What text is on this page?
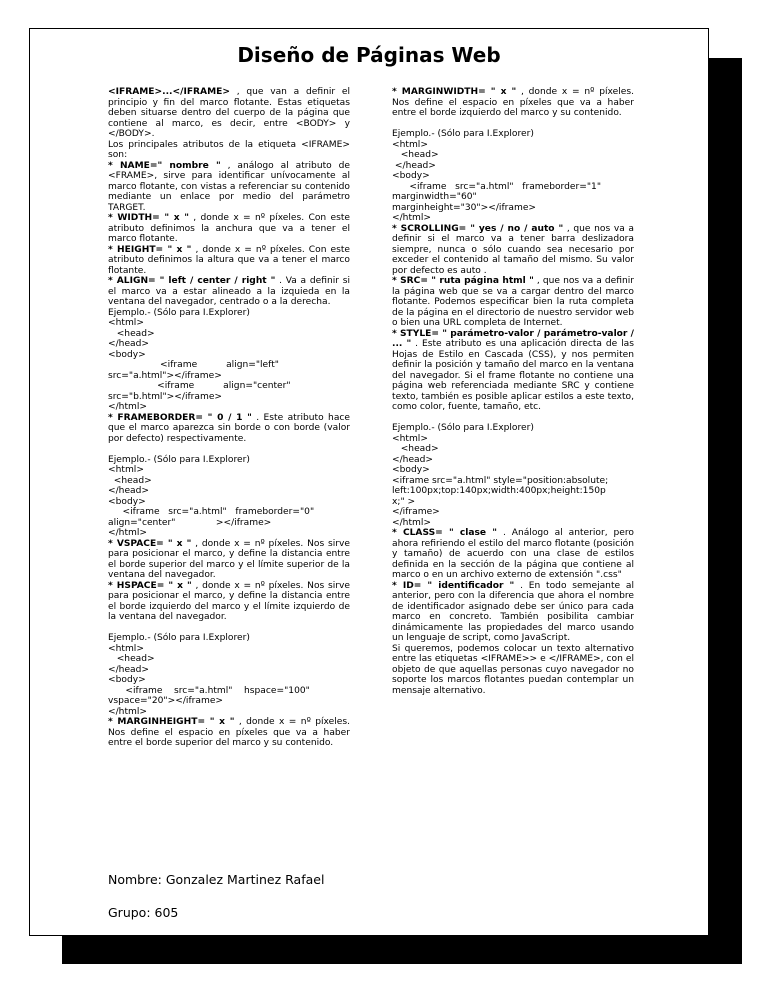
Diseño de Páginas Web

<IFRAME>...</IFRAME> , que van a definir el principio y fin del marco flotante. Estas etiquetas deben situarse dentro del cuerpo de la página que contiene al marco, es decir, entre <BODY> y </BODY>.

Los principales atributos de la etiqueta <IFRAME> son:

* NAME=" nombre " , análogo al atributo de <FRAME>, sirve para identificar unívocamente al marco flotante, con vistas a referenciar su contenido mediante un enlace por medio del parámetro TARGET.

* WIDTH= " x " , donde x = nº píxeles. Con este atributo definimos la anchura que va a tener el marco flotante.

* HEIGHT= " x " , donde x = nº píxeles. Con este atributo definimos la altura que va a tener el marco flotante.

* ALIGN= " left / center / right " . Va a definir si el marco va a estar alineado a la izquieda en la ventana del navegador, centrado o a la derecha.

Ejemplo.- (Sólo para I.Explorer)
<html>
<head>
</head>
<body>
<iframe          align="left"
src="a.html"></iframe>
<iframe          align="center"
src="b.html"></iframe>
</html>

* FRAMEBORDER= " 0 / 1 " . Este atributo hace que el marco aparezca sin borde o con borde (valor por defecto) respectivamente.

Ejemplo.- (Sólo para I.Explorer)
<html>
<head>
</head>
<body>
<iframe   src="a.html"   frameborder="0"
align="center"              ></iframe>
</html>

* VSPACE= " x " , donde x = nº píxeles. Nos sirve para posicionar el marco, y define la distancia entre el borde superior del marco y el límite superior de la ventana del navegador.

* HSPACE= " x " , donde x = nº píxeles. Nos sirve para posicionar el marco, y define la distancia entre el borde izquierdo del marco y el límite izquierdo de la ventana del navegador.

Ejemplo.- (Sólo para I.Explorer)
<html>
<head>
</head>
<body>
<iframe    src="a.html"    hspace="100"
vspace="20"></iframe>
</html>

* MARGINHEIGHT= " x " , donde x = nº píxeles. Nos define el espacio en píxeles que va a haber entre el borde superior del marco y su contenido.

* MARGINWIDTH= " x " , donde x = nº píxeles. Nos define el espacio en píxeles que va a haber entre el borde izquierdo del marco y su contenido.

Ejemplo.- (Sólo para I.Explorer)
<html>
<head>
</head>
<body>
<iframe   src="a.html"   frameborder="1"
marginwidth="60"
marginheight="30"></iframe>
</html>

* SCROLLING= " yes / no / auto " , que nos va a definir si el marco va a tener barra deslizadora siempre, nunca o sólo cuando sea necesario por exceder el contenido al tamaño del mismo. Su valor por defecto es auto .

* SRC= " ruta página html " , que nos va a definir la página web que se va a cargar dentro del marco flotante. Podemos especificar bien la ruta completa de la página en el directorio de nuestro servidor web o bien una URL completa de Internet.

* STYLE= " parámetro-valor / parámetro-valor / ... " . Este atributo es una aplicación directa de las Hojas de Estilo en Cascada (CSS), y nos permiten definir la posición y tamaño del marco en la ventana del navegador. Si el frame flotante no contiene una página web referenciada mediante SRC y contiene texto, también es posible aplicar estilos a este texto, como color, fuente, tamaño, etc.

Ejemplo.- (Sólo para I.Explorer)
<html>
<head>
</head>
<body>
<iframe src="a.html" style="position:absolute;
left:100px;top:140px;width:400px;height:150p
x;" >
</iframe>
</html>

* CLASS= " clase " . Análogo al anterior, pero ahora refiriendo el estilo del marco flotante (posición y tamaño) de acuerdo con una clase de estilos definida en la sección de la página que contiene al marco o en un archivo externo de extensión ".css"

* ID= " identificador " . En todo semejante al anterior, pero con la diferencia que ahora el nombre de identificador asignado debe ser único para cada marco en concreto. También posibilita cambiar dinámicamente las propiedades del marco usando un lenguaje de script, como JavaScript.

Si queremos, podemos colocar un texto alternativo entre las etiquetas <IFRAME>> e </IFRAME>, con el objeto de que aquellas personas cuyo navegador no soporte los marcos flotantes puedan contemplar un mensaje alternativo.

Nombre: Gonzalez Martinez Rafael
Grupo: 605
